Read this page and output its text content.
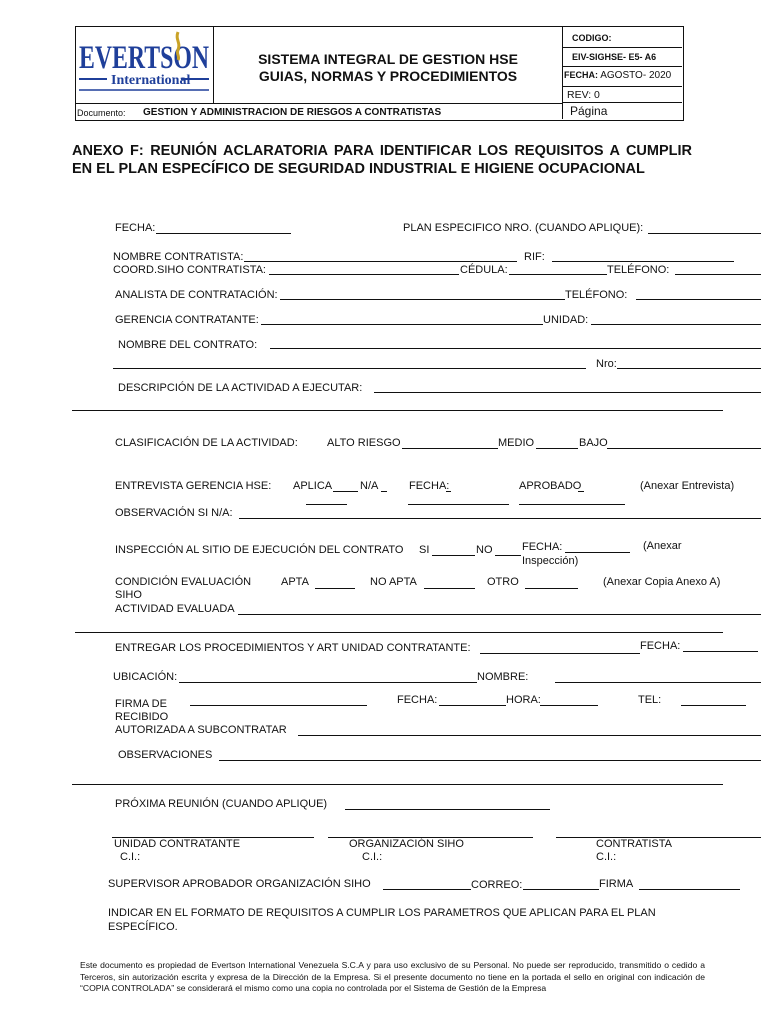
EVERTSON
International
SISTEMA INTEGRAL DE GESTION HSE
GUIAS, NORMAS Y PROCEDIMIENTOS
CODIGO:
EIV-SIGHSE- E5- A6
FECHA: AGOSTO- 2020
REV: 0
Documento: GESTION Y ADMINISTRACION DE RIESGOS A CONTRATISTAS	Página
ANEXO F: REUNIÓN ACLARATORIA PARA IDENTIFICAR LOS REQUISITOS A CUMPLIR EN EL PLAN ESPECÍFICO DE SEGURIDAD INDUSTRIAL E HIGIENE OCUPACIONAL
FECHA:	PLAN ESPECIFICO NRO. (CUANDO APLIQUE):
NOMBRE CONTRATISTA:	RIF:
COORD.SIHO CONTRATISTA:	CÉDULA:	TELÉFONO:
ANALISTA DE CONTRATACIÓN:	TELÉFONO:
GERENCIA CONTRATANTE:	UNIDAD:
NOMBRE DEL CONTRATO:
Nro:
DESCRIPCIÓN DE LA ACTIVIDAD A EJECUTAR:
CLASIFICACIÓN DE LA ACTIVIDAD:	ALTO RIESGO	MEDIO	BAJO
ENTREVISTA GERENCIA HSE: APLICA	N/A	FECHA:	APROBADO	(Anexar Entrevista)
OBSERVACIÓN SI N/A:
INSPECCIÓN AL SITIO DE EJECUCIÓN DEL CONTRATO SI	NO	FECHA:	(Anexar
Inspección)
CONDICIÓN EVALUACIÓN
SIHO
APTA	NO APTA	OTRO	(Anexar Copia Anexo A)
ACTIVIDAD EVALUADA
ENTREGAR LOS PROCEDIMIENTOS Y ART UNIDAD CONTRATANTE:	FECHA:
UBICACIÓN:	NOMBRE:
FIRMA DE
RECIBIDO
FECHA:	HORA:	TEL:
AUTORIZADA A SUBCONTRATAR
OBSERVACIONES
PRÓXIMA REUNIÓN (CUANDO APLIQUE)
UNIDAD CONTRATANTE
C.I.:
ORGANIZACIÓN SIHO
C.I.:
CONTRATISTA
C.I.:
SUPERVISOR APROBADOR ORGANIZACIÓN SIHO	CORREO:	FIRMA
INDICAR EN EL FORMATO DE REQUISITOS A CUMPLIR LOS PARAMETROS QUE APLICAN PARA EL PLAN ESPECÍFICO.
Este documento es propiedad de Evertson International Venezuela S.C.A y para uso exclusivo de su Personal. No puede ser reproducido, transmitido o cedido a Terceros, sin autorización escrita y expresa de la Dirección de la Empresa. Si el presente documento no tiene en la portada el sello en original con indicación de “COPIA CONTROLADA” se considerará el mismo como una copia no controlada por el Sistema de Gestión de la Empresa
